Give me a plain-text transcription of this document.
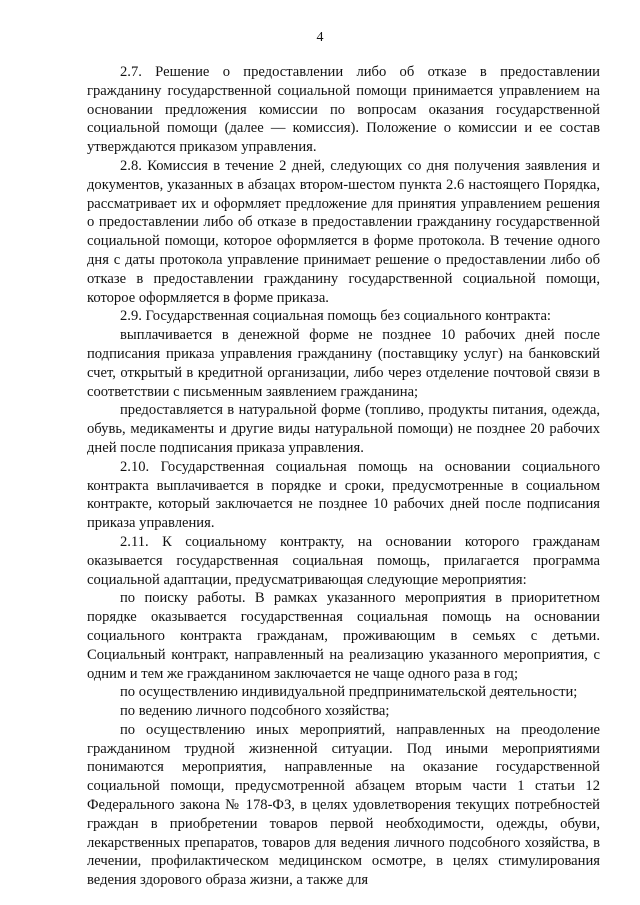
4

2.7. Решение о предоставлении либо об отказе в предоставлении гражданину государственной социальной помощи принимается управлением на основании предложения комиссии по вопросам оказания государственной социальной помощи (далее — комиссия). Положение о комиссии и ее состав утверждаются приказом управления.

2.8. Комиссия в течение 2 дней, следующих со дня получения заявления и документов, указанных в абзацах втором-шестом пункта 2.6 настоящего Порядка, рассматривает их и оформляет предложение для принятия управлением решения о предоставлении либо об отказе в предоставлении гражданину государственной социальной помощи, которое оформляется в форме протокола. В течение одного дня с даты протокола управление принимает решение о предоставлении либо об отказе в предоставлении гражданину государственной социальной помощи, которое оформляется в форме приказа.

2.9. Государственная социальная помощь без социального контракта:

выплачивается в денежной форме не позднее 10 рабочих дней после подписания приказа управления гражданину (поставщику услуг) на банковский счет, открытый в кредитной организации, либо через отделение почтовой связи в соответствии с письменным заявлением гражданина;

предоставляется в натуральной форме (топливо, продукты питания, одежда, обувь, медикаменты и другие виды натуральной помощи) не позднее 20 рабочих дней после подписания приказа управления.

2.10. Государственная социальная помощь на основании социального контракта выплачивается в порядке и сроки, предусмотренные в социальном контракте, который заключается не позднее 10 рабочих дней после подписания приказа управления.

2.11. К социальному контракту, на основании которого гражданам оказывается государственная социальная помощь, прилагается программа социальной адаптации, предусматривающая следующие мероприятия:

по поиску работы. В рамках указанного мероприятия в приоритетном порядке оказывается государственная социальная помощь на основании социального контракта гражданам, проживающим в семьях с детьми. Социальный контракт, направленный на реализацию указанного мероприятия, с одним и тем же гражданином заключается не чаще одного раза в год;

по осуществлению индивидуальной предпринимательской деятельности;

по ведению личного подсобного хозяйства;

по осуществлению иных мероприятий, направленных на преодоление гражданином трудной жизненной ситуации. Под иными мероприятиями понимаются мероприятия, направленные на оказание государственной социальной помощи, предусмотренной абзацем вторым части 1 статьи 12 Федерального закона № 178-ФЗ, в целях удовлетворения текущих потребностей граждан в приобретении товаров первой необходимости, одежды, обуви, лекарственных препаратов, товаров для ведения личного подсобного хозяйства, в лечении, профилактическом медицинском осмотре, в целях стимулирования ведения здорового образа жизни, а также для
